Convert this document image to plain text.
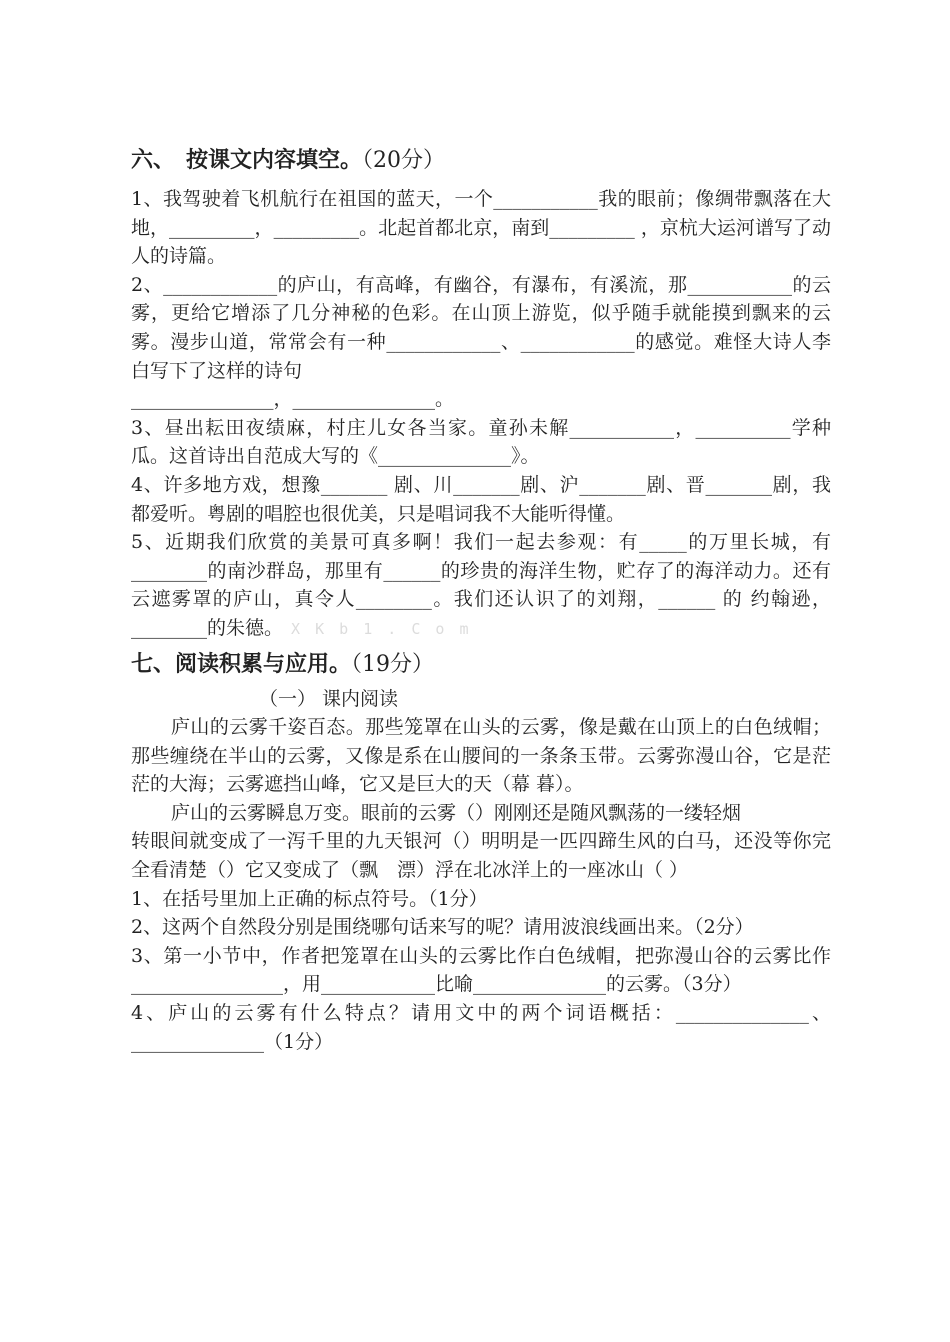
六、　按课文内容填空。（20分）
1、我驾驶着飞机航行在祖国的蓝天，一个___________我的眼前；像绸带飘落在大地，_________，_________。北起首都北京，南到_________ ，京杭大运河谱写了动人的诗篇。
2、____________的庐山，有高峰，有幽谷，有瀑布，有溪流，那___________的云雾，更给它增添了几分神秘的色彩。在山顶上游览，似乎随手就能摸到飘来的云雾。漫步山道，常常会有一种____________、____________的感觉。难怪大诗人李白写下了这样的诗句
_______________，_______________。
3、昼出耘田夜绩麻，村庄儿女各当家。童孙未解___________，__________学种瓜。这首诗出自范成大写的《______________》。
4、许多地方戏，想豫_______ 剧、川_______剧、沪_______剧、晋_______剧，我都爱听。粤剧的唱腔也很优美，只是唱词我不大能听得懂。
5、近期我们欣赏的美景可真多啊！我们一起去参观：有_____的万里长城，有________的南沙群岛，那里有______的珍贵的海洋生物，贮存了的海洋动力。还有云遮雾罩的庐山，真令人________。我们还认识了的刘翔，______ 的 约翰逊，________的朱德。 X K b 1 . C o m
七、阅读积累与应用。（19分）
（一） 课内阅读
庐山的云雾千姿百态。那些笼罩在山头的云雾，像是戴在山顶上的白色绒帽；那些缠绕在半山的云雾，又像是系在山腰间的一条条玉带。云雾弥漫山谷，它是茫茫的大海；云雾遮挡山峰，它又是巨大的天（幕 暮）。
庐山的云雾瞬息万变。眼前的云雾（）刚刚还是随风飘荡的一缕轻烟
转眼间就变成了一泻千里的九天银河（）明明是一匹四蹄生风的白马，还没等你完全看清楚（）它又变成了（飘　漂）浮在北冰洋上的一座冰山（ ）
1、在括号里加上正确的标点符号。（1分）
2、这两个自然段分别是围绕哪句话来写的呢？请用波浪线画出来。（2分）
3、第一小节中，作者把笼罩在山头的云雾比作白色绒帽，把弥漫山谷的云雾比作________________，用____________比喻______________的云雾。（3分）
4、庐山的云雾有什么特点？请用文中的两个词语概括：______________、______________（1分）
